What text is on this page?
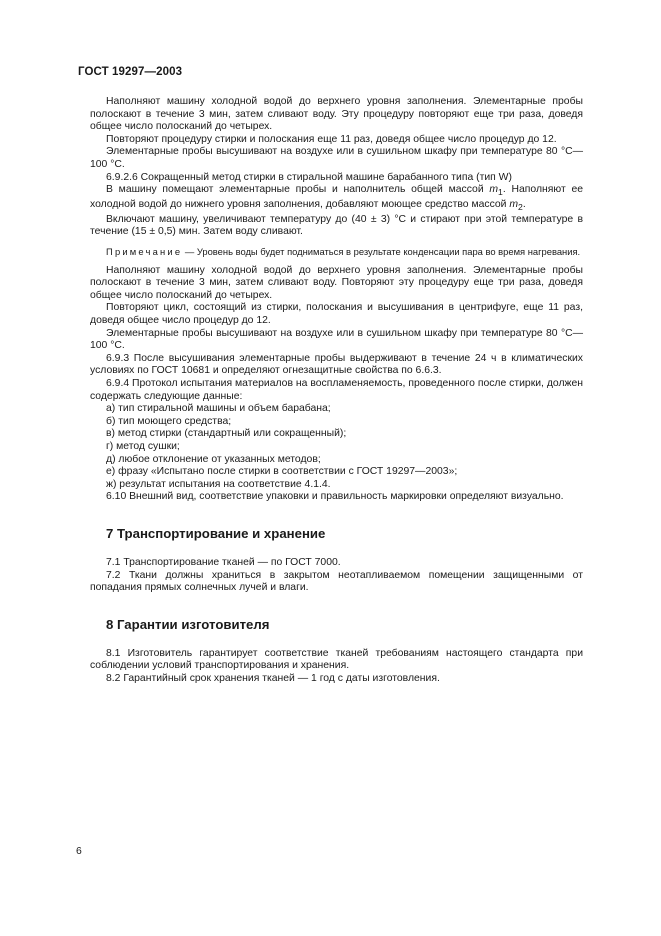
ГОСТ 19297—2003

Наполняют машину холодной водой до верхнего уровня заполнения. Элементарные пробы полоскают в течение 3 мин, затем сливают воду. Эту процедуру повторяют еще три раза, доведя общее число полосканий до четырех.

Повторяют процедуру стирки и полоскания еще 11 раз, доведя общее число процедур до 12.

Элементарные пробы высушивают на воздухе или в сушильном шкафу при температуре 80 °С—100 °С.

6.9.2.6 Сокращенный метод стирки в стиральной машине барабанного типа (тип W)

В машину помещают элементарные пробы и наполнитель общей массой $m_1$. Наполняют ее холодной водой до нижнего уровня заполнения, добавляют моющее средство массой $m_2$.

Включают машину, увеличивают температуру до (40 ± 3) °С и стирают при этой температуре в течение (15 ± 0,5) мин. Затем воду сливают.

Примечание — Уровень воды будет подниматься в результате конденсации пара во время нагревания.

Наполняют машину холодной водой до верхнего уровня заполнения. Элементарные пробы полоскают в течение 3 мин, затем сливают воду. Повторяют эту процедуру еще три раза, доведя общее число полосканий до четырех.

Повторяют цикл, состоящий из стирки, полоскания и высушивания в центрифуге, еще 11 раз, доведя общее число процедур до 12.

Элементарные пробы высушивают на воздухе или в сушильном шкафу при температуре 80 °С—100 °С.

6.9.3 После высушивания элементарные пробы выдерживают в течение 24 ч в климатических условиях по ГОСТ 10681 и определяют огнезащитные свойства по 6.6.3.

6.9.4 Протокол испытания материалов на воспламеняемость, проведенного после стирки, должен содержать следующие данные:

а) тип стиральной машины и объем барабана;

б) тип моющего средства;

в) метод стирки (стандартный или сокращенный);

г) метод сушки;

д) любое отклонение от указанных методов;

е) фразу «Испытано после стирки в соответствии с ГОСТ 19297—2003»;

ж) результат испытания на соответствие 4.1.4.

6.10 Внешний вид, соответствие упаковки и правильность маркировки определяют визуально.

7 Транспортирование и хранение

7.1 Транспортирование тканей — по ГОСТ 7000.

7.2 Ткани должны храниться в закрытом неотапливаемом помещении защищенными от попадания прямых солнечных лучей и влаги.

8 Гарантии изготовителя

8.1 Изготовитель гарантирует соответствие тканей требованиям настоящего стандарта при соблюдении условий транспортирования и хранения.

8.2 Гарантийный срок хранения тканей — 1 год с даты изготовления.

6
